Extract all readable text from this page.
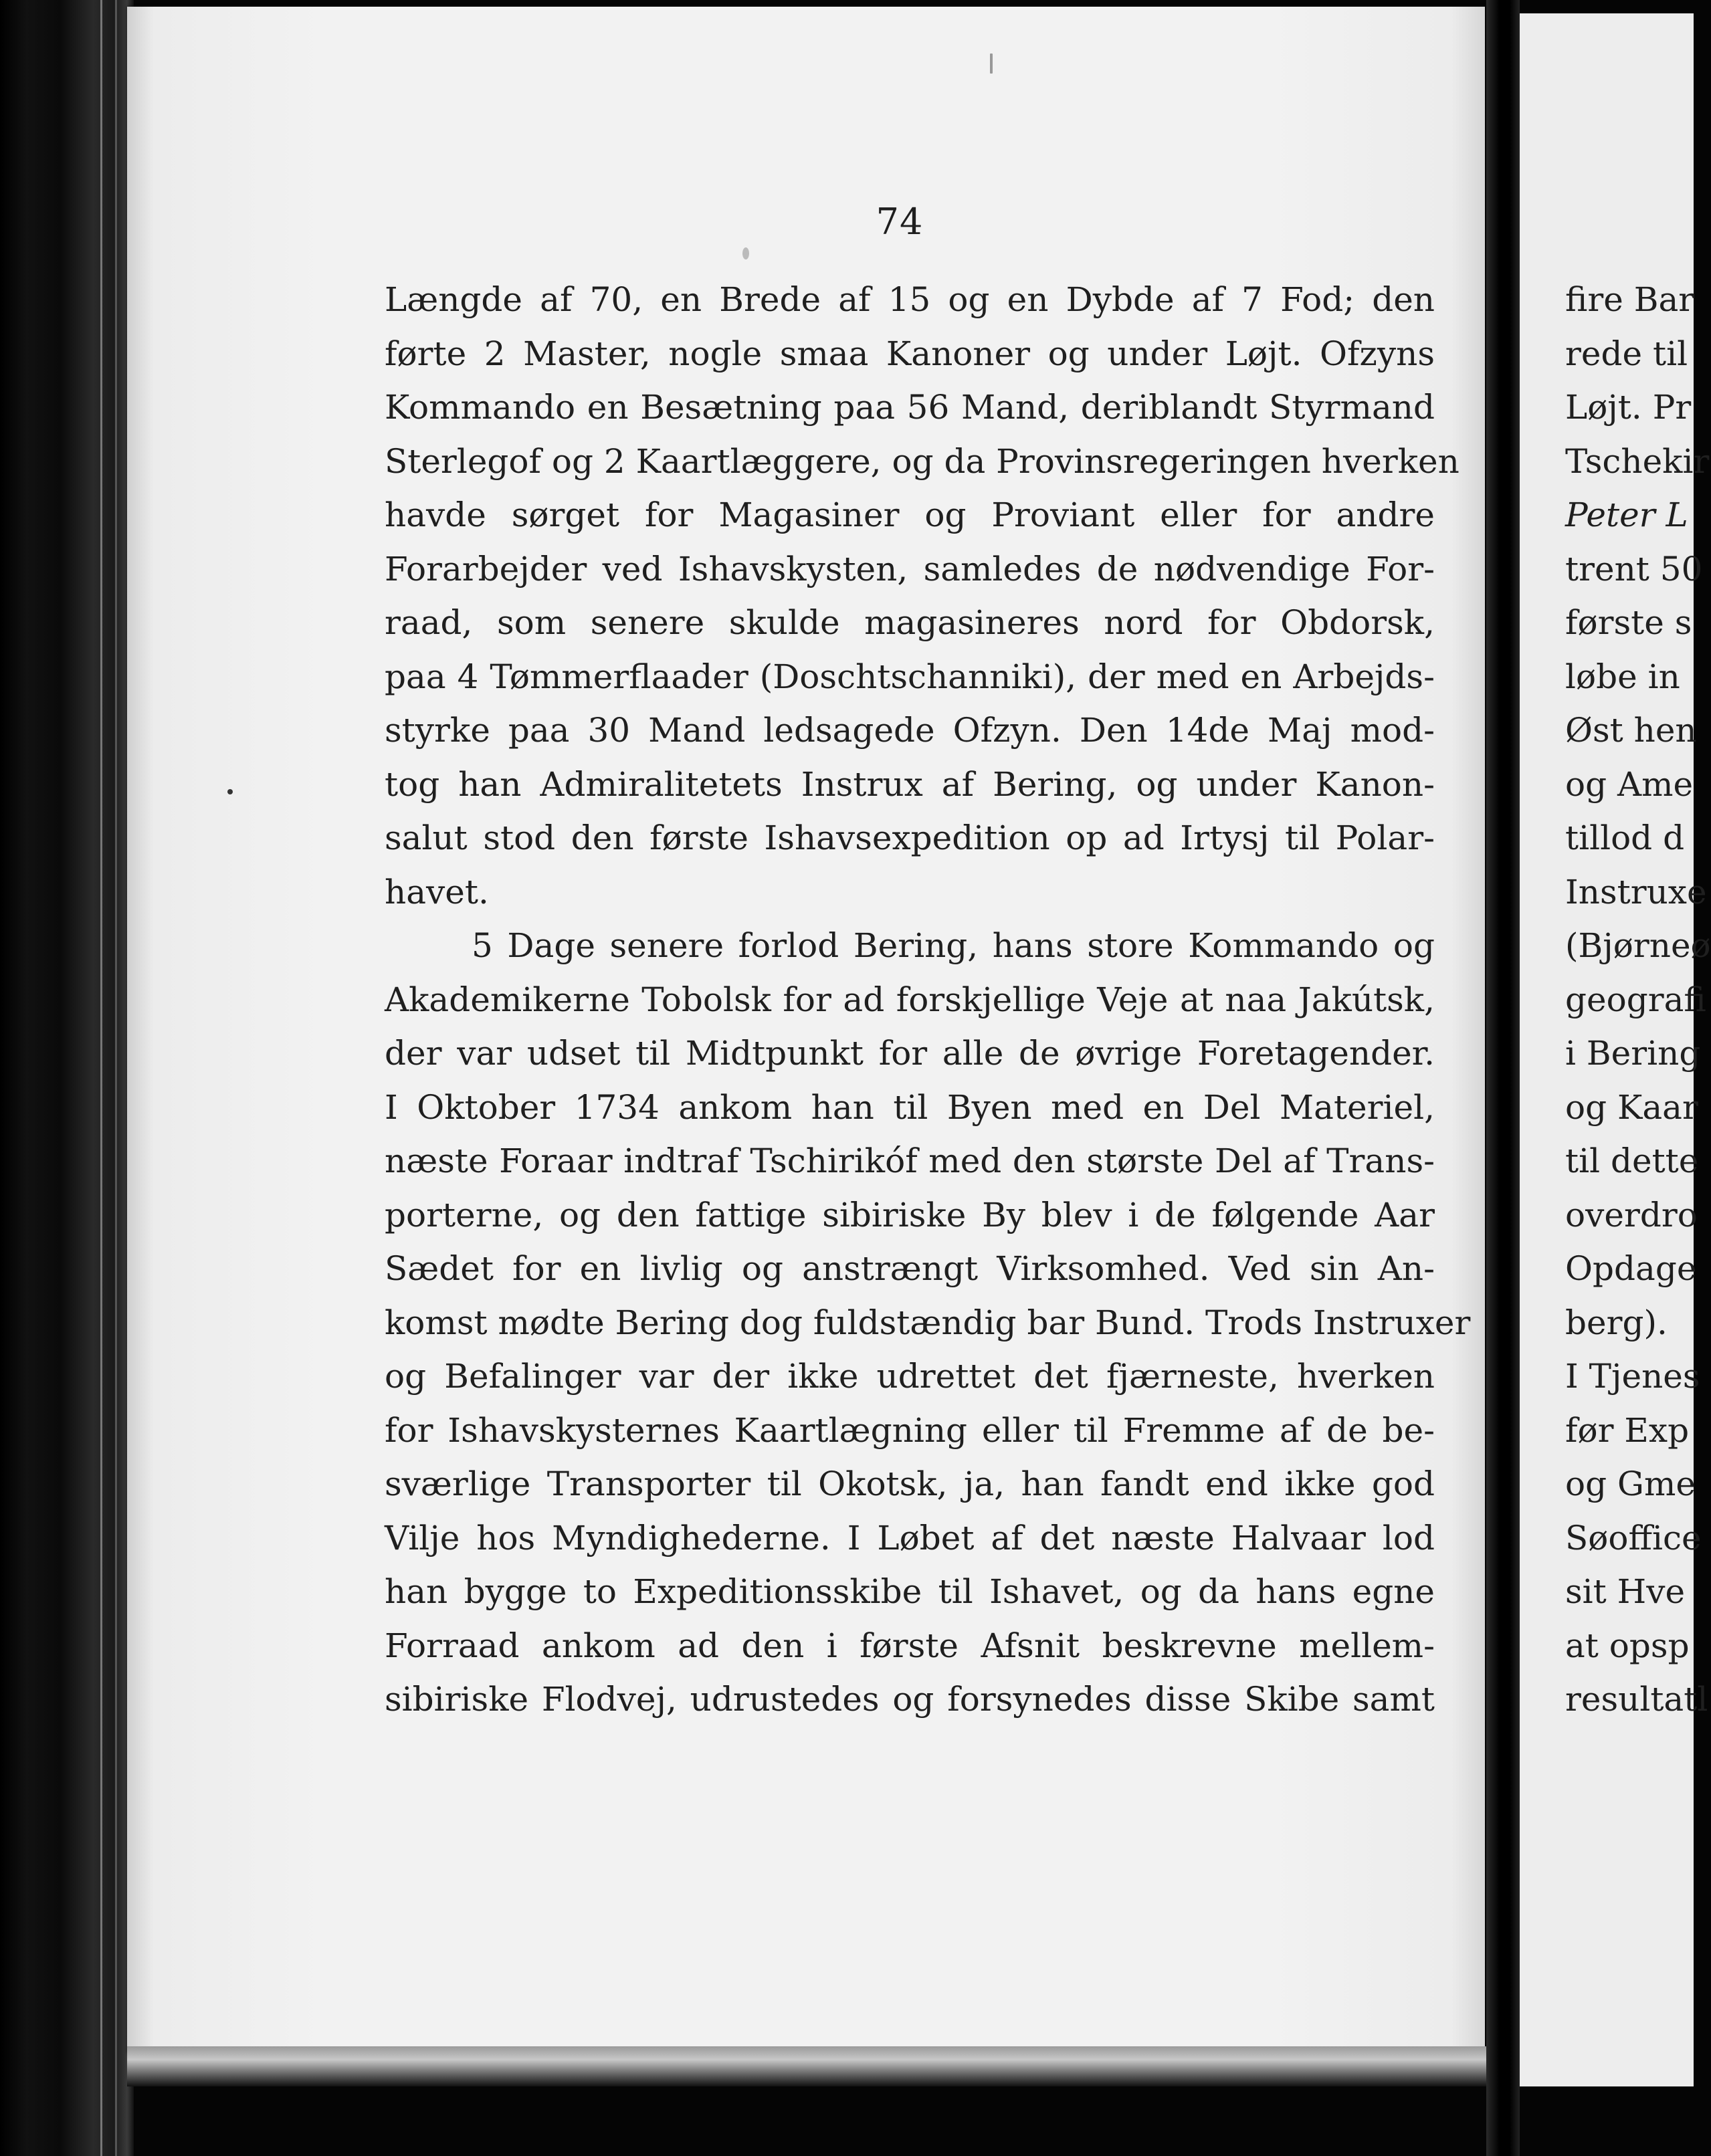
74
Længde af 70, en Brede af 15 og en Dybde af 7 Fod; den
førte 2 Master, nogle smaa Kanoner og under Løjt. Ofzyns
Kommando en Besætning paa 56 Mand, deriblandt Styrmand
Sterlegof og 2 Kaartlæggere, og da Provinsregeringen hverken
havde sørget for Magasiner og Proviant eller for andre
Forarbejder ved Ishavskysten, samledes de nødvendige For-
raad, som senere skulde magasineres nord for Obdorsk,
paa 4 Tømmerflaader (Doschtschanniki), der med en Arbejds-
styrke paa 30 Mand ledsagede Ofzyn. Den 14de Maj mod-
tog han Admiralitetets Instrux af Bering, og under Kanon-
salut stod den første Ishavsexpedition op ad Irtysj til Polar-
havet.
5 Dage senere forlod Bering, hans store Kommando og
Akademikerne Tobolsk for ad forskjellige Veje at naa Jakútsk,
der var udset til Midtpunkt for alle de øvrige Foretagender.
I Oktober 1734 ankom han til Byen med en Del Materiel,
næste Foraar indtraf Tschirikóf med den største Del af Trans-
porterne, og den fattige sibiriske By blev i de følgende Aar
Sædet for en livlig og anstrængt Virksomhed. Ved sin An-
komst mødte Bering dog fuldstændig bar Bund. Trods Instruxer
og Befalinger var der ikke udrettet det fjærneste, hverken
for Ishavskysternes Kaartlægning eller til Fremme af de be-
sværlige Transporter til Okotsk, ja, han fandt end ikke god
Vilje hos Myndighederne. I Løbet af det næste Halvaar lod
han bygge to Expeditionsskibe til Ishavet, og da hans egne
Forraad ankom ad den i første Afsnit beskrevne mellem-
sibiriske Flodvej, udrustedes og forsynedes disse Skibe samt
fire Bar
rede til
Løjt. Pr
Tschekir
Peter L
trent 50
første s
løbe in
Øst hen
og Ame
tillod d
Instruxe
(Bjørneø
geografi
i Bering
og Kaar
til dette
overdro
Opdage
berg).
I Tjenes
før Exp
og Gme
Søoffice
sit Hve
at opsp
resultatl
